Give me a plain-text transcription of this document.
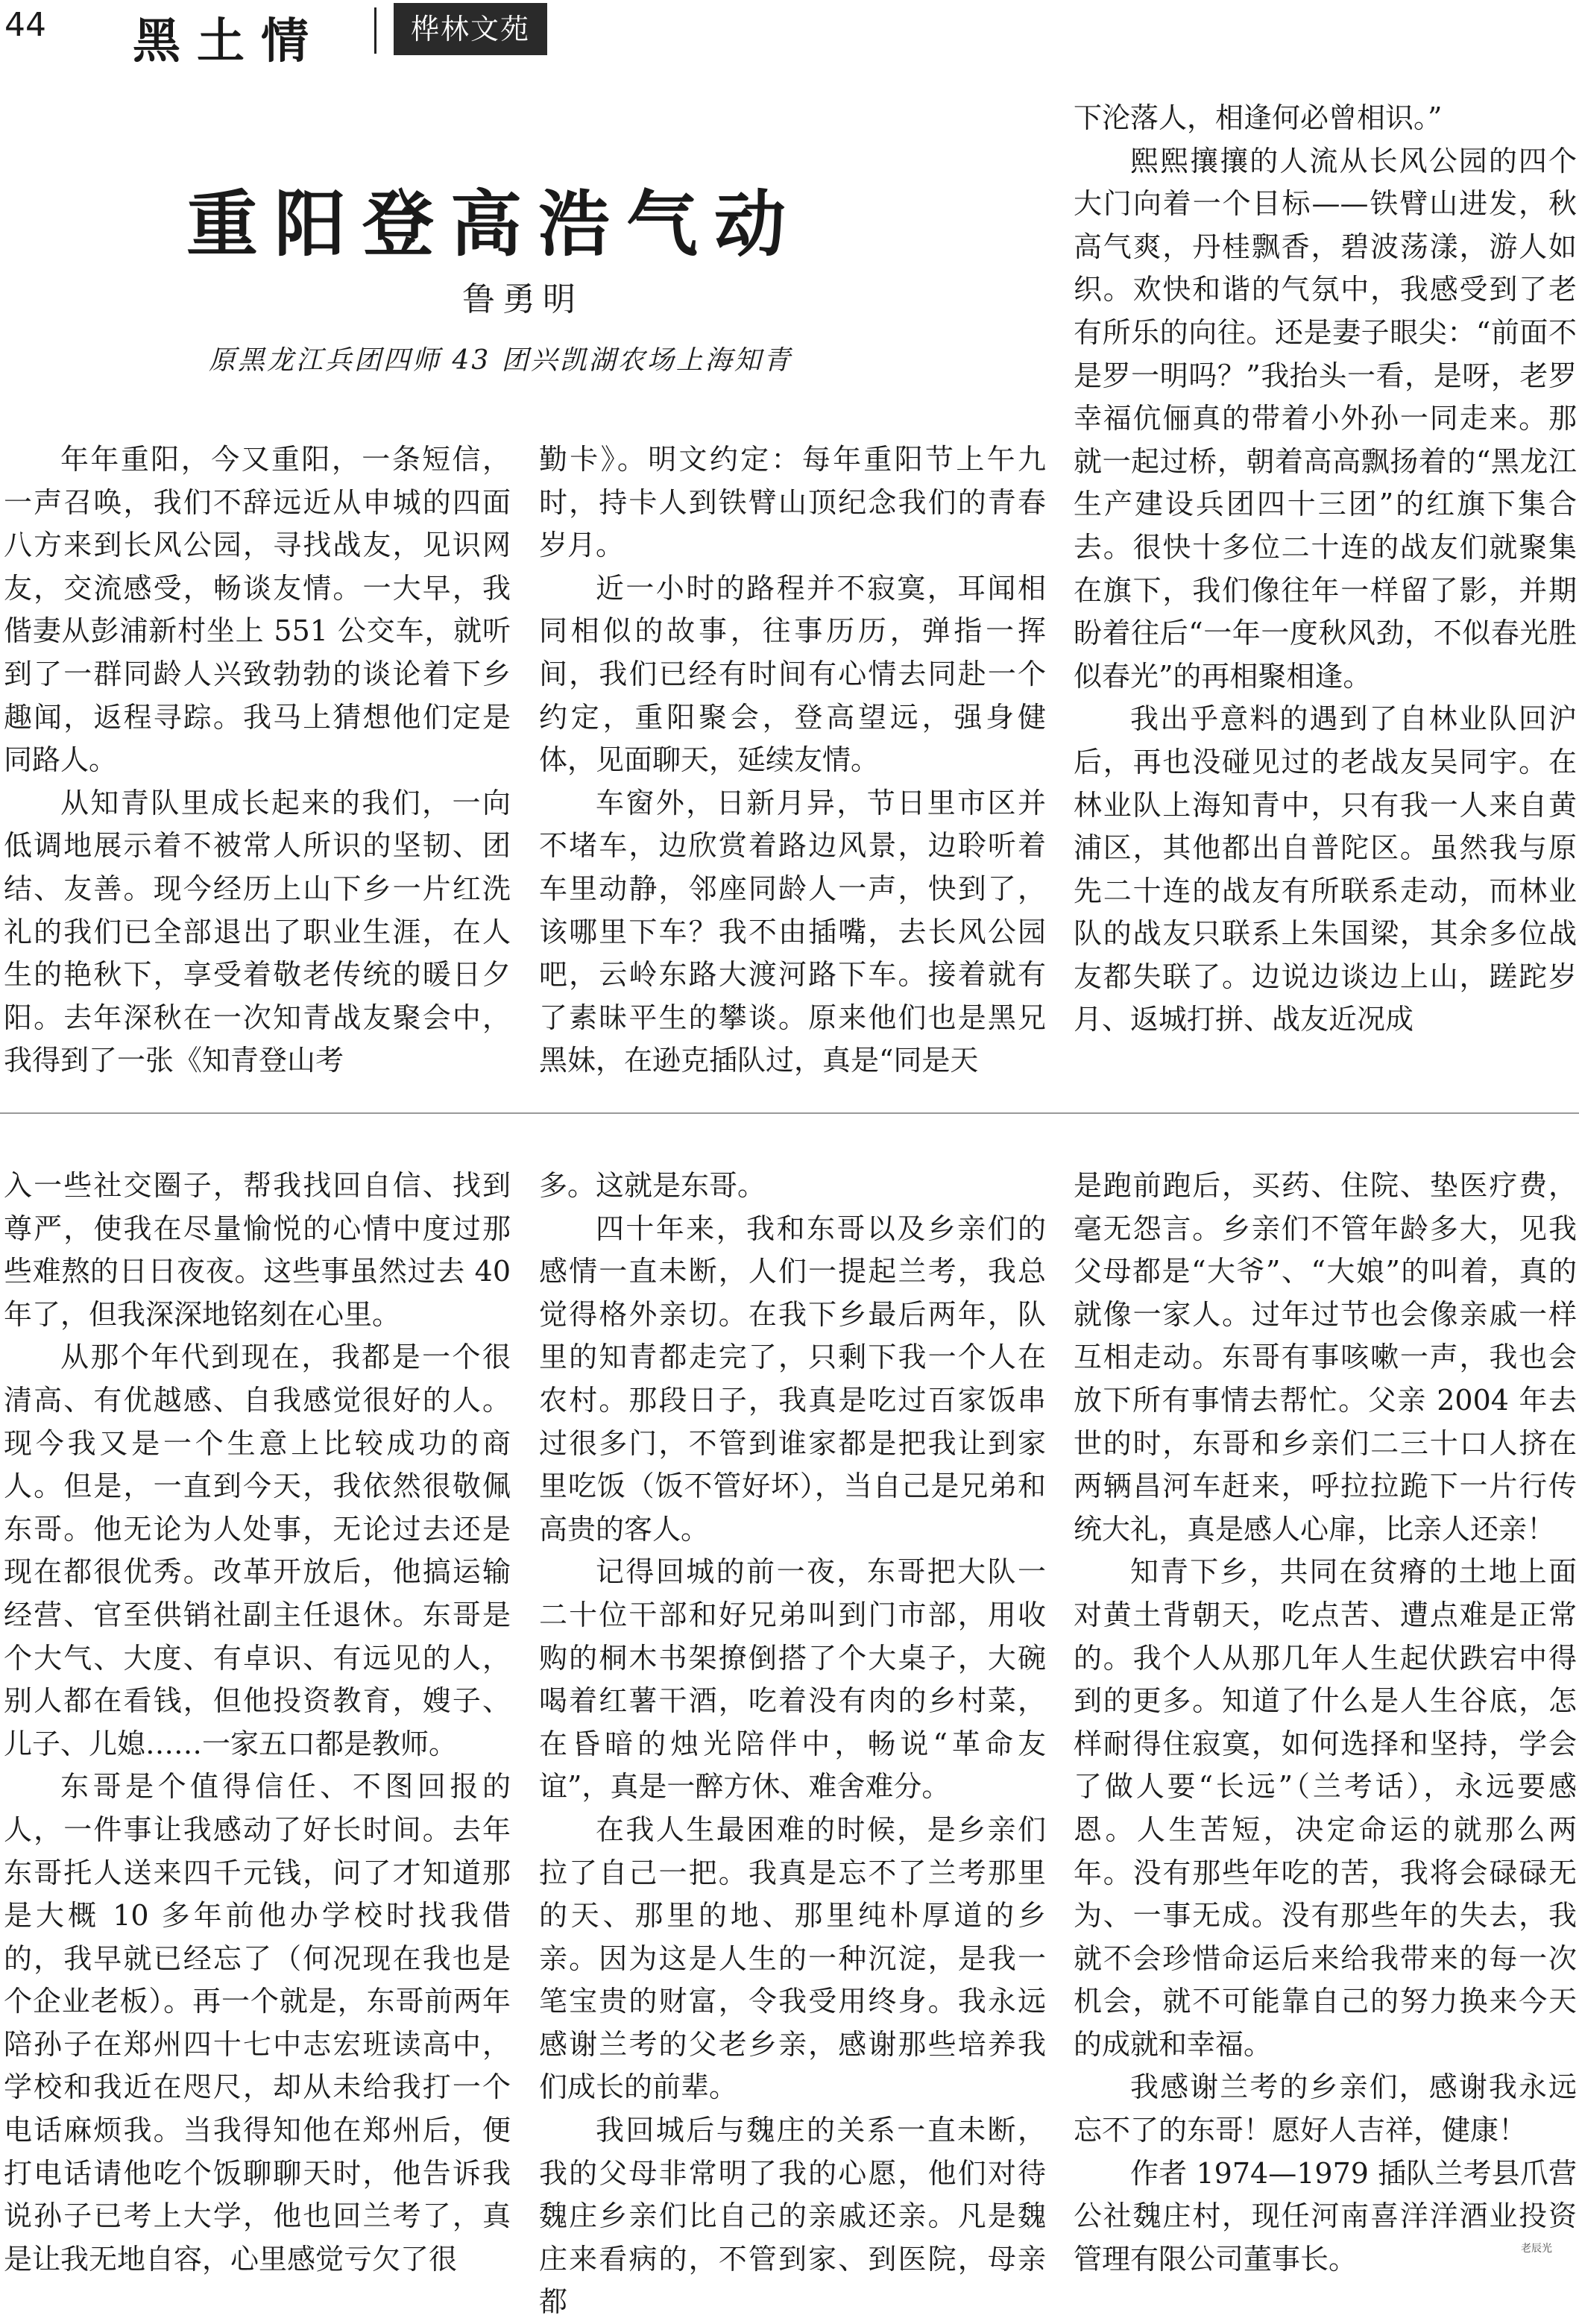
44 黑土情	桦林文苑
重阳登高浩气动
鲁勇明
原黑龙江兵团四师 43 团兴凯湖农场上海知青

年年重阳，今又重阳，一条短信，一声召唤，我们不辞远近从申城的四面八方来到长风公园，寻找战友，见识网友，交流感受，畅谈友情。一大早，我偕妻从彭浦新村坐上 551 公交车，就听到了一群同龄人兴致勃勃的谈论着下乡趣闻，返程寻踪。我马上猜想他们定是同路人。

从知青队里成长起来的我们，一向低调地展示着不被常人所识的坚韧、团结、友善。现今经历上山下乡一片红洗礼的我们已全部退出了职业生涯，在人生的艳秋下，享受着敬老传统的暖日夕阳。去年深秋在一次知青战友聚会中，我得到了一张《知青登山考

勤卡》。明文约定：每年重阳节上午九时，持卡人到铁臂山顶纪念我们的青春岁月。

近一小时的路程并不寂寞，耳闻相同相似的故事，往事历历，弹指一挥间，我们已经有时间有心情去同赴一个约定，重阳聚会，登高望远，强身健体，见面聊天，延续友情。

车窗外，日新月异，节日里市区并不堵车，边欣赏着路边风景，边聆听着车里动静，邻座同龄人一声，快到了，该哪里下车？我不由插嘴，去长风公园吧，云岭东路大渡河路下车。接着就有了素昧平生的攀谈。原来他们也是黑兄黑妹，在逊克插队过，真是“同是天

下沦落人，相逢何必曾相识。”

熙熙攘攘的人流从长风公园的四个大门向着一个目标——铁臂山进发，秋高气爽，丹桂飘香，碧波荡漾，游人如织。欢快和谐的气氛中，我感受到了老有所乐的向往。还是妻子眼尖：“前面不是罗一明吗？”我抬头一看，是呀，老罗幸福伉俪真的带着小外孙一同走来。那就一起过桥，朝着高高飘扬着的“黑龙江生产建设兵团四十三团”的红旗下集合去。很快十多位二十连的战友们就聚集在旗下，我们像往年一样留了影，并期盼着往后“一年一度秋风劲，不似春光胜似春光”的再相聚相逢。

我出乎意料的遇到了自林业队回沪后，再也没碰见过的老战友吴同宇。在林业队上海知青中，只有我一人来自黄浦区，其他都出自普陀区。虽然我与原先二十连的战友有所联系走动，而林业队的战友只联系上朱国梁，其余多位战友都失联了。边说边谈边上山，蹉跎岁月、返城打拼、战友近况成

入一些社交圈子，帮我找回自信、找到尊严，使我在尽量愉悦的心情中度过那些难熬的日日夜夜。这些事虽然过去 40 年了，但我深深地铭刻在心里。

从那个年代到现在，我都是一个很清高、有优越感、自我感觉很好的人。现今我又是一个生意上比较成功的商人。但是，一直到今天，我依然很敬佩东哥。他无论为人处事，无论过去还是现在都很优秀。改革开放后，他搞运输经营、官至供销社副主任退休。东哥是个大气、大度、有卓识、有远见的人，别人都在看钱，但他投资教育，嫂子、儿子、儿媳……一家五口都是教师。

东哥是个值得信任、不图回报的人，一件事让我感动了好长时间。去年东哥托人送来四千元钱，问了才知道那是大概 10 多年前他办学校时找我借的，我早就已经忘了（何况现在我也是个企业老板）。再一个就是，东哥前两年陪孙子在郑州四十七中志宏班读高中，学校和我近在咫尺，却从未给我打一个电话麻烦我。当我得知他在郑州后，便打电话请他吃个饭聊聊天时，他告诉我说孙子已考上大学，他也回兰考了，真是让我无地自容，心里感觉亏欠了很

多。这就是东哥。

四十年来，我和东哥以及乡亲们的感情一直未断，人们一提起兰考，我总觉得格外亲切。在我下乡最后两年，队里的知青都走完了，只剩下我一个人在农村。那段日子，我真是吃过百家饭串过很多门，不管到谁家都是把我让到家里吃饭（饭不管好坏），当自己是兄弟和高贵的客人。

记得回城的前一夜，东哥把大队一二十位干部和好兄弟叫到门市部，用收购的桐木书架撩倒搭了个大桌子，大碗喝着红薯干酒，吃着没有肉的乡村菜，在昏暗的烛光陪伴中，畅说“革命友谊”，真是一醉方休、难舍难分。

在我人生最困难的时候，是乡亲们拉了自己一把。我真是忘不了兰考那里的天、那里的地、那里纯朴厚道的乡亲。因为这是人生的一种沉淀，是我一笔宝贵的财富，令我受用终身。我永远感谢兰考的父老乡亲，感谢那些培养我们成长的前辈。

我回城后与魏庄的关系一直未断，我的父母非常明了我的心愿，他们对待魏庄乡亲们比自己的亲戚还亲。凡是魏庄来看病的，不管到家、到医院，母亲都

是跑前跑后，买药、住院、垫医疗费，毫无怨言。乡亲们不管年龄多大，见我父母都是“大爷”、“大娘”的叫着，真的就像一家人。过年过节也会像亲戚一样互相走动。东哥有事咳嗽一声，我也会放下所有事情去帮忙。父亲 2004 年去世的时，东哥和乡亲们二三十口人挤在两辆昌河车赶来，呼拉拉跪下一片行传统大礼，真是感人心扉，比亲人还亲！

知青下乡，共同在贫瘠的土地上面对黄土背朝天，吃点苦、遭点难是正常的。我个人从那几年人生起伏跌宕中得到的更多。知道了什么是人生谷底，怎样耐得住寂寞，如何选择和坚持，学会了做人要“长远”（兰考话），永远要感恩。人生苦短，决定命运的就那么两年。没有那些年吃的苦，我将会碌碌无为、一事无成。没有那些年的失去，我就不会珍惜命运后来给我带来的每一次机会，就不可能靠自己的努力换来今天的成就和幸福。

我感谢兰考的乡亲们，感谢我永远忘不了的东哥！愿好人吉祥，健康！

作者 1974—1979 插队兰考县爪营公社魏庄村，现任河南喜洋洋酒业投资管理有限公司董事长。	老辰光
